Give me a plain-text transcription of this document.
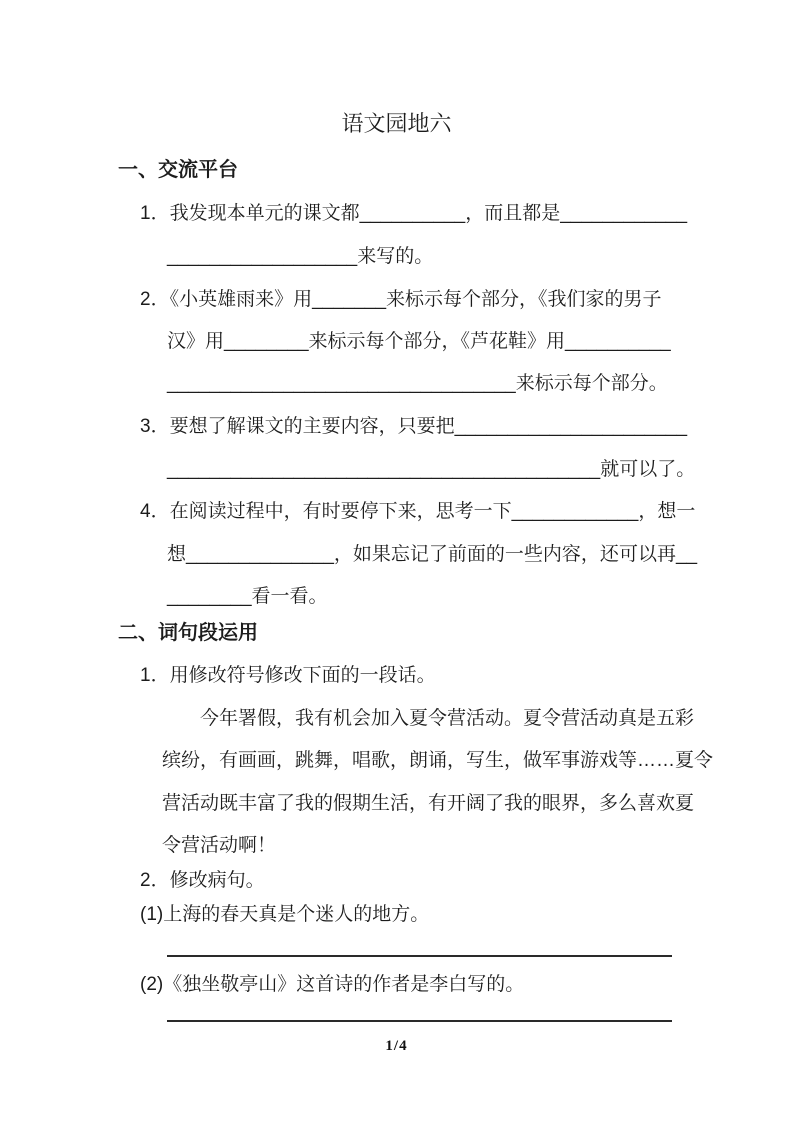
语文园地六
一、交流平台
1．我发现本单元的课文都__________，而且都是____________
__________________来写的。
2．《小英雄雨来》用_______来标示每个部分，《我们家的男子
汉》用________来标示每个部分，《芦花鞋》用__________
_________________________________来标示每个部分。
3．要想了解课文的主要内容，只要把______________________
_________________________________________就可以了。
4．在阅读过程中，有时要停下来，思考一下____________，想一
想______________，如果忘记了前面的一些内容，还可以再__
________看一看。
二、词句段运用
1．用修改符号修改下面的一段话。
今年署假，我有机会加入夏令营活动。夏令营活动真是五彩
缤纷，有画画，跳舞，唱歌，朗诵，写生，做军事游戏等……夏令
营活动既丰富了我的假期生活，有开阔了我的眼界，多么喜欢夏
令营活动啊！
2．修改病句。
(1)上海的春天真是个迷人的地方。
(2)《独坐敬亭山》这首诗的作者是李白写的。
1/4
